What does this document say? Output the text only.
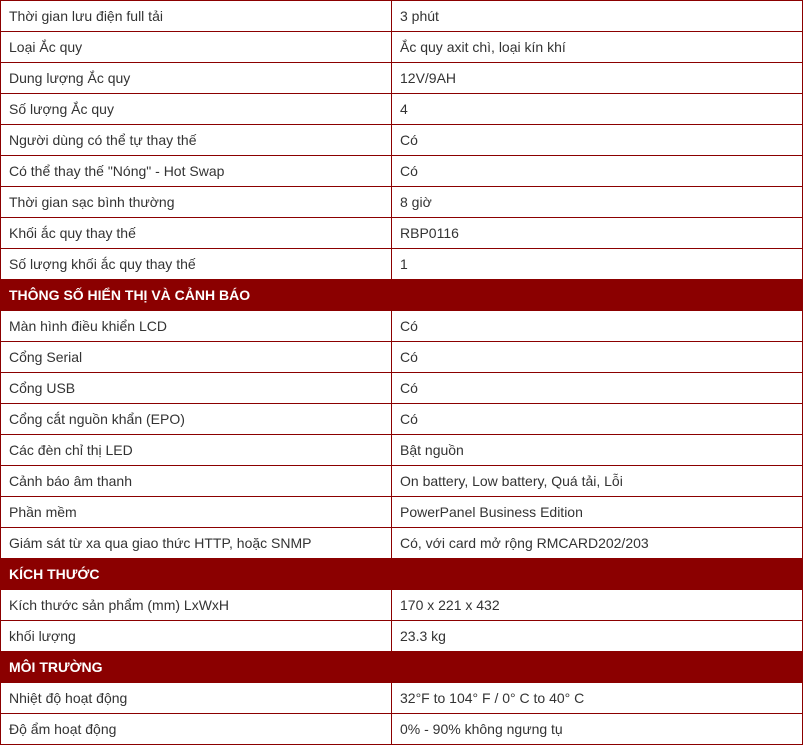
Thời gian lưu điện full tải	3 phút
Loại Ắc quy	Ắc quy axit chì, loại kín khí
Dung lượng Ắc quy	12V/9AH
Số lượng Ắc quy	4
Người dùng có thể tự thay thế	Có
Có thể thay thế "Nóng" - Hot Swap	Có
Thời gian sạc bình thường	8 giờ
Khối ắc quy thay thế	RBP0116
Số lượng khối ắc quy thay thế	1
THÔNG SỐ HIỂN THỊ VÀ CẢNH BÁO	
Màn hình điều khiển LCD	Có
Cổng Serial	Có
Cổng USB	Có
Cổng cắt nguồn khẩn (EPO)	Có
Các đèn chỉ thị LED	Bật nguồn
Cảnh báo âm thanh	On battery, Low battery, Quá tải, Lỗi
Phần mềm	PowerPanel Business Edition
Giám sát từ xa qua giao thức HTTP, hoặc SNMP	Có, với card mở rộng RMCARD202/203
KÍCH THƯỚC	
Kích thước sản phẩm (mm) LxWxH	170 x 221 x 432
khối lượng	23.3 kg
MÔI TRƯỜNG	
Nhiệt độ hoạt động	32°F to 104° F / 0° C to 40° C
Độ ẩm hoạt động	0% - 90% không ngưng tụ
